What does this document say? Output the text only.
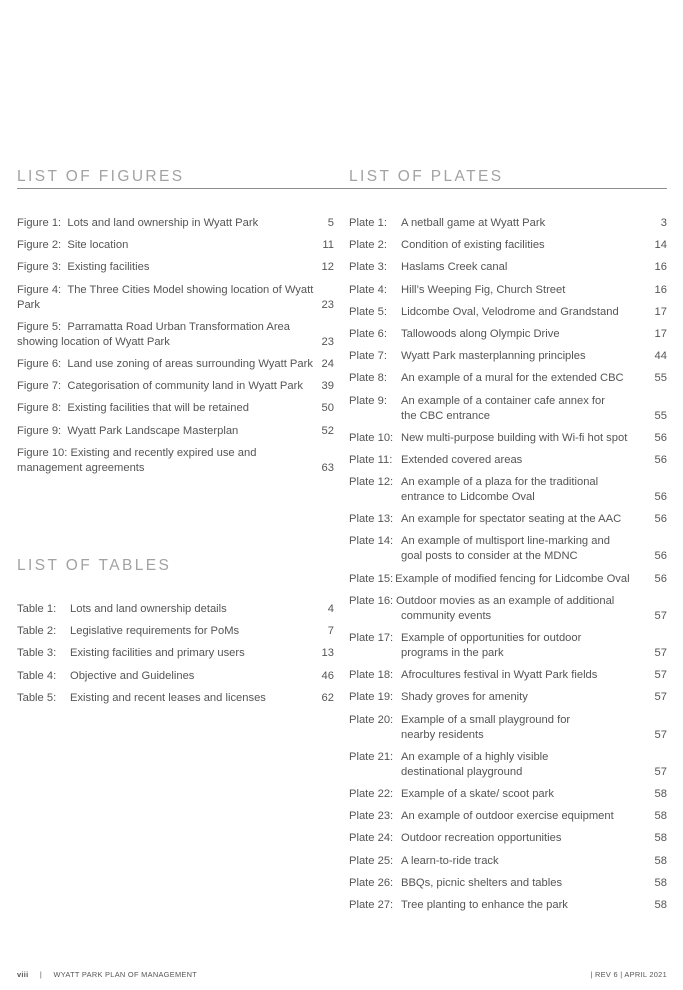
LIST OF FIGURES	LIST OF PLATES
LIST OF TABLES
Figure 1: Lots and land ownership in Wyatt Park	5
Figure 2: Site location	11
Figure 3: Existing facilities	12
Figure 4: The Three Cities Model showing location of Wyatt Park	23
Figure 5: Parramatta Road Urban Transformation Area showing location of Wyatt Park	23
Figure 6: Land use zoning of areas surrounding Wyatt Park 24
Figure 7: Categorisation of community land in Wyatt Park 39
Figure 8: Existing facilities that will be retained	50
Figure 9: Wyatt Park Landscape Masterplan	52
Figure 10: Existing and recently expired use and management agreements	63
Table 1: Lots and land ownership details	4
Table 2: Legislative requirements for PoMs	7
Table 3: Existing facilities and primary users	13
Table 4: Objective and Guidelines	46
Table 5: Existing and recent leases and licenses	62
Plate 1: A netball game at Wyatt Park	3
Plate 2: Condition of existing facilities	14
Plate 3: Haslams Creek canal	16
Plate 4: Hill’s Weeping Fig, Church Street	16
Plate 5: Lidcombe Oval, Velodrome and Grandstand	17
Plate 6: Tallowoods along Olympic Drive	17
Plate 7: Wyatt Park masterplanning principles	44
Plate 8: An example of a mural for the extended CBC	55
Plate 9: An example of a container cafe annex for the CBC entrance	55
Plate 10: New multi-purpose building with Wi-fi hot spot 56
Plate 11: Extended covered areas	56
Plate 12: An example of a plaza for the traditional entrance to Lidcombe Oval	56
Plate 13: An example for spectator seating at the AAC	56
Plate 14: An example of multisport line-marking and goal posts to consider at the MDNC	56
Plate 15: Example of modified fencing for Lidcombe Oval 56
Plate 16: Outdoor movies as an example of additional community events	57
Plate 17: Example of opportunities for outdoor programs in the park	57
Plate 18: Afrocultures festival in Wyatt Park fields	57
Plate 19: Shady groves for amenity	57
Plate 20: Example of a small playground for nearby residents	57
Plate 21: An example of a highly visible destinational playground	57
Plate 22: Example of a skate/ scoot park	58
Plate 23: An example of outdoor exercise equipment	58
Plate 24: Outdoor recreation opportunities	58
Plate 25: A learn-to-ride track	58
Plate 26: BBQs, picnic shelters and tables	58
Plate 27: Tree planting to enhance the park	58
viii | WYATT PARK PLAN OF MANAGEMENT	| REV 6 | APRIL 2021
